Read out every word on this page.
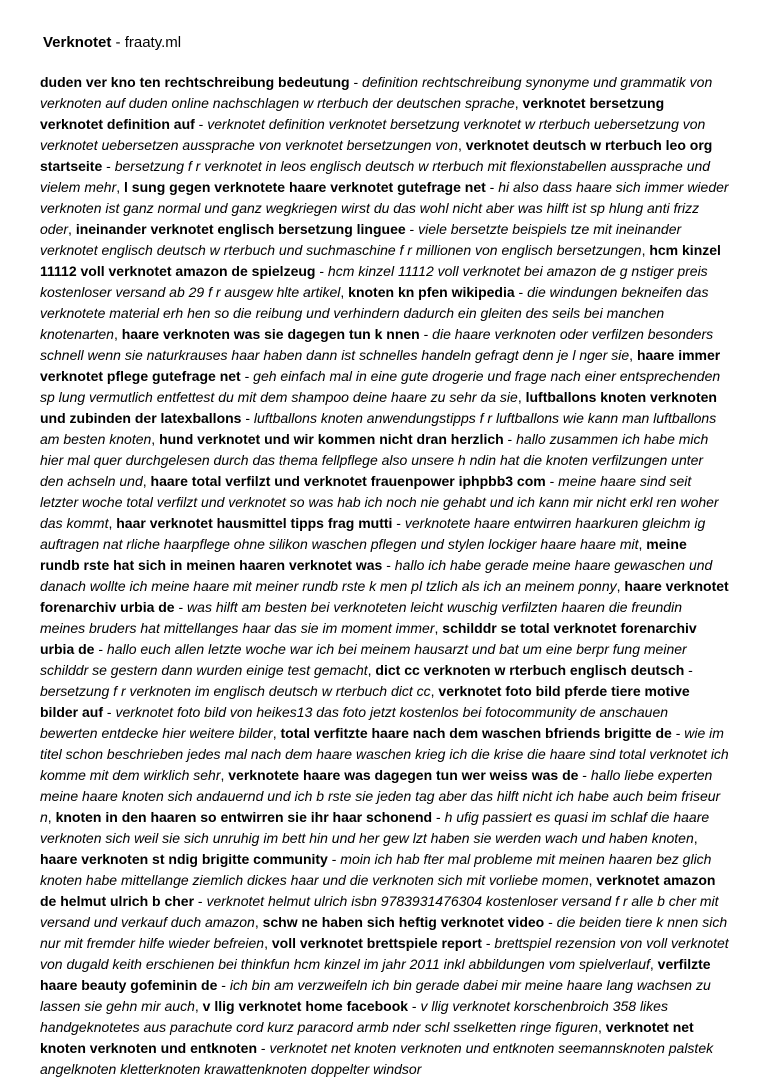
Verknotet - fraaty.ml

duden ver kno ten rechtschreibung bedeutung - definition rechtschreibung synonyme und grammatik von verknoten auf duden online nachschlagen w rterbuch der deutschen sprache, verknotet bersetzung verknotet definition auf - verknotet definition verknotet bersetzung verknotet w rterbuch uebersetzung von verknotet uebersetzen aussprache von verknotet bersetzungen von, verknotet deutsch w rterbuch leo org startseite - bersetzung f r verknotet in leos englisch deutsch w rterbuch mit flexionstabellen aussprache und vielem mehr, l sung gegen verknotete haare verknotet gutefrage net - hi also dass haare sich immer wieder verknoten ist ganz normal und ganz wegkriegen wirst du das wohl nicht aber was hilft ist sp hlung anti frizz oder, ineinander verknotet englisch bersetzung linguee - viele bersetzte beispiels tze mit ineinander verknotet englisch deutsch w rterbuch und suchmaschine f r millionen von englisch bersetzungen, hcm kinzel 11112 voll verknotet amazon de spielzeug - hcm kinzel 11112 voll verknotet bei amazon de g nstiger preis kostenloser versand ab 29 f r ausgew hlte artikel, knoten kn pfen wikipedia - die windungen bekneifen das verknotete material erh hen so die reibung und verhindern dadurch ein gleiten des seils bei manchen knotenarten, haare verknoten was sie dagegen tun k nnen - die haare verknoten oder verfilzen besonders schnell wenn sie naturkrauses haar haben dann ist schnelles handeln gefragt denn je l nger sie, haare immer verknotet pflege gutefrage net - geh einfach mal in eine gute drogerie und frage nach einer entsprechenden sp lung vermutlich entfettest du mit dem shampoo deine haare zu sehr da sie, luftballons knoten verknoten und zubinden der latexballons - luftballons knoten anwendungstipps f r luftballons wie kann man luftballons am besten knoten, hund verknotet und wir kommen nicht dran herzlich - hallo zusammen ich habe mich hier mal quer durchgelesen durch das thema fellpflege also unsere h ndin hat die knoten verfilzungen unter den achseln und, haare total verfilzt und verknotet frauenpower iphpbb3 com - meine haare sind seit letzter woche total verfilzt und verknotet so was hab ich noch nie gehabt und ich kann mir nicht erkl ren woher das kommt, haar verknotet hausmittel tipps frag mutti - verknotete haare entwirren haarkuren gleichm ig auftragen nat rliche haarpflege ohne silikon waschen pflegen und stylen lockiger haare haare mit, meine rundb rste hat sich in meinen haaren verknotet was - hallo ich habe gerade meine haare gewaschen und danach wollte ich meine haare mit meiner rundb rste k men pl tzlich als ich an meinem ponny, haare verknotet forenarchiv urbia de - was hilft am besten bei verknoteten leicht wuschig verfilzten haaren die freundin meines bruders hat mittellanges haar das sie im moment immer, schilddr se total verknotet forenarchiv urbia de - hallo euch allen letzte woche war ich bei meinem hausarzt und bat um eine berpr fung meiner schilddr se gestern dann wurden einige test gemacht, dict cc verknoten w rterbuch englisch deutsch - bersetzung f r verknoten im englisch deutsch w rterbuch dict cc, verknotet foto bild pferde tiere motive bilder auf - verknotet foto bild von heikes13 das foto jetzt kostenlos bei fotocommunity de anschauen bewerten entdecke hier weitere bilder, total verfitzte haare nach dem waschen bfriends brigitte de - wie im titel schon beschrieben jedes mal nach dem haare waschen krieg ich die krise die haare sind total verknotet ich komme mit dem wirklich sehr, verknotete haare was dagegen tun wer weiss was de - hallo liebe experten meine haare knoten sich andauernd und ich b rste sie jeden tag aber das hilft nicht ich habe auch beim friseur n, knoten in den haaren so entwirren sie ihr haar schonend - h ufig passiert es quasi im schlaf die haare verknoten sich weil sie sich unruhig im bett hin und her gew lzt haben sie werden wach und haben knoten, haare verknoten st ndig brigitte community - moin ich hab fter mal probleme mit meinen haaren bez glich knoten habe mittellange ziemlich dickes haar und die verknoten sich mit vorliebe momen, verknotet amazon de helmut ulrich b cher - verknotet helmut ulrich isbn 9783931476304 kostenloser versand f r alle b cher mit versand und verkauf duch amazon, schw ne haben sich heftig verknotet video - die beiden tiere k nnen sich nur mit fremder hilfe wieder befreien, voll verknotet brettspiele report - brettspiel rezension von voll verknotet von dugald keith erschienen bei thinkfun hcm kinzel im jahr 2011 inkl abbildungen vom spielverlauf, verfilzte haare beauty gofeminin de - ich bin am verzweifeln ich bin gerade dabei mir meine haare lang wachsen zu lassen sie gehn mir auch, v llig verknotet home facebook - v llig verknotet korschenbroich 358 likes handgeknotetes aus parachute cord kurz paracord armb nder schl sselketten ringe figuren, verknotet net knoten verknoten und entknoten - verknotet net knoten verknoten und entknoten seemannsknoten palstek angelknoten kletterknoten krawattenknoten doppelter windsor
